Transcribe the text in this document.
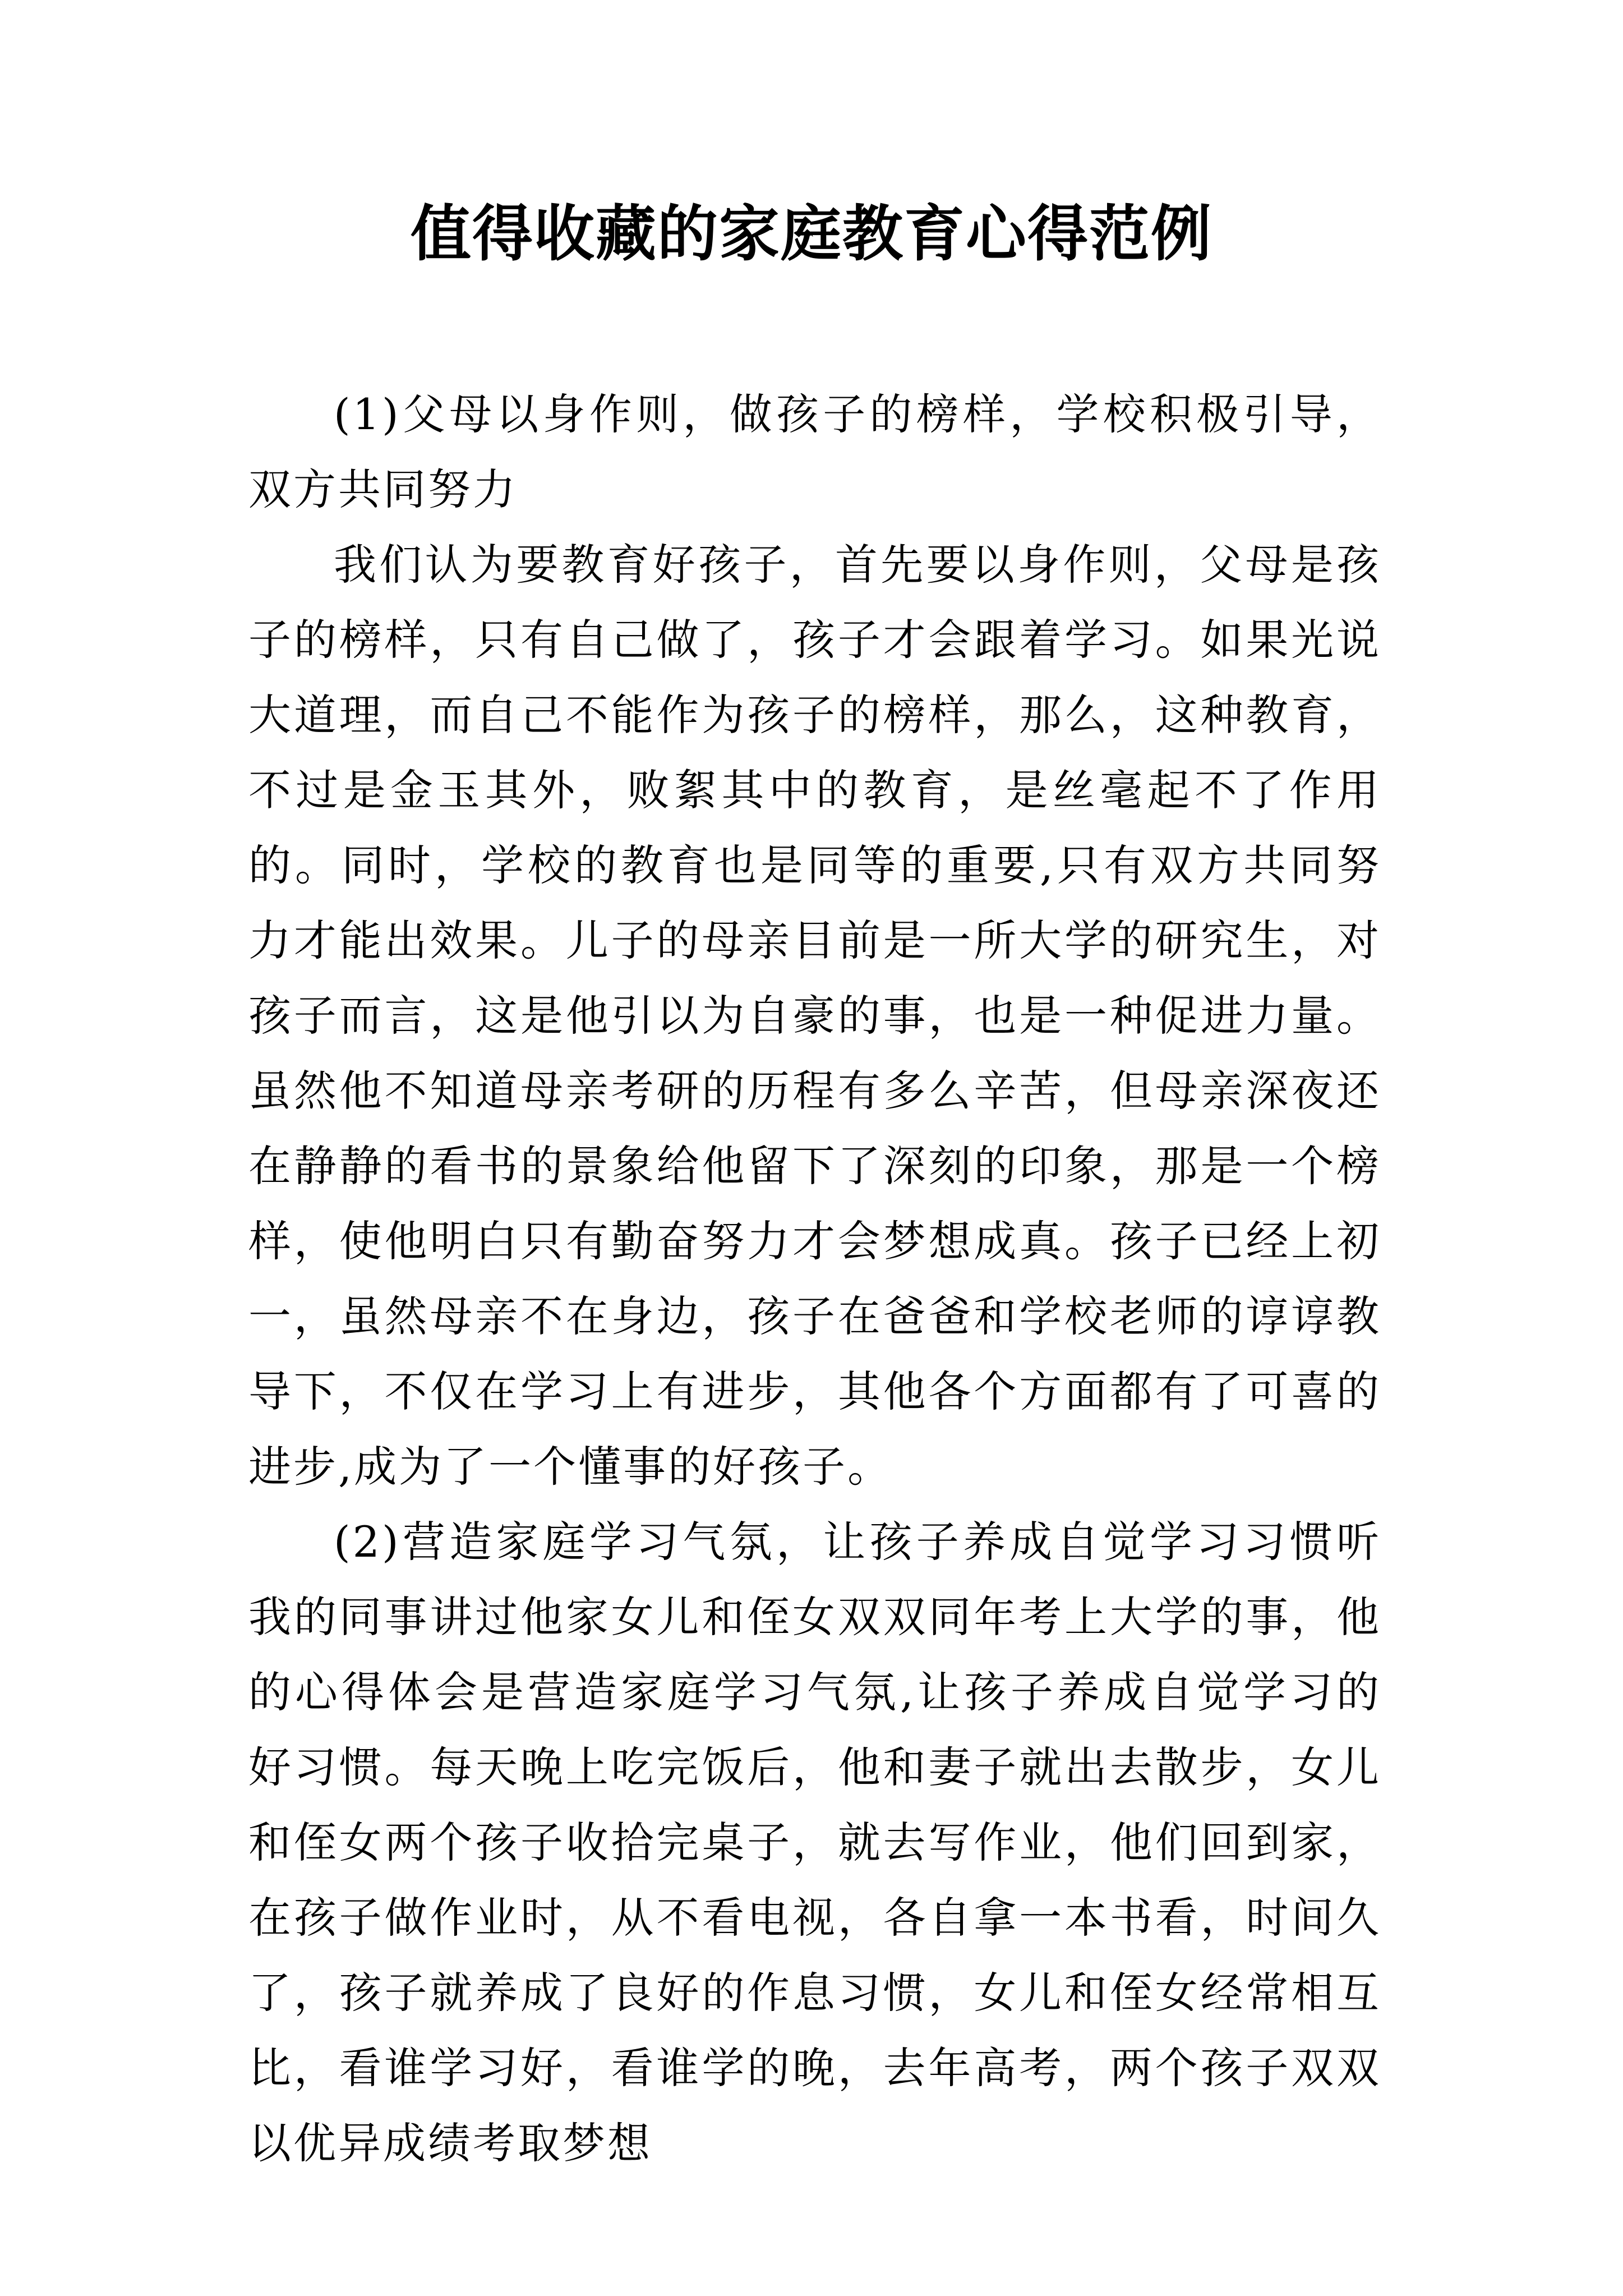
值得收藏的家庭教育心得范例

(1)父母以身作则，做孩子的榜样，学校积极引导，双方共同努力

我们认为要教育好孩子，首先要以身作则，父母是孩子的榜样，只有自己做了，孩子才会跟着学习。如果光说大道理，而自己不能作为孩子的榜样，那么，这种教育，不过是金玉其外，败絮其中的教育，是丝毫起不了作用的。同时，学校的教育也是同等的重要,只有双方共同努力才能出效果。儿子的母亲目前是一所大学的研究生，对孩子而言，这是他引以为自豪的事，也是一种促进力量。虽然他不知道母亲考研的历程有多么辛苦，但母亲深夜还在静静的看书的景象给他留下了深刻的印象，那是一个榜样，使他明白只有勤奋努力才会梦想成真。孩子已经上初一，虽然母亲不在身边，孩子在爸爸和学校老师的谆谆教导下，不仅在学习上有进步，其他各个方面都有了可喜的进步,成为了一个懂事的好孩子。

(2)营造家庭学习气氛，让孩子养成自觉学习习惯听我的同事讲过他家女儿和侄女双双同年考上大学的事，他的心得体会是营造家庭学习气氛,让孩子养成自觉学习的好习惯。每天晚上吃完饭后，他和妻子就出去散步，女儿和侄女两个孩子收拾完桌子，就去写作业，他们回到家，在孩子做作业时，从不看电视，各自拿一本书看，时间久了，孩子就养成了良好的作息习惯，女儿和侄女经常相互比，看谁学习好，看谁学的晚，去年高考，两个孩子双双以优异成绩考取梦想
